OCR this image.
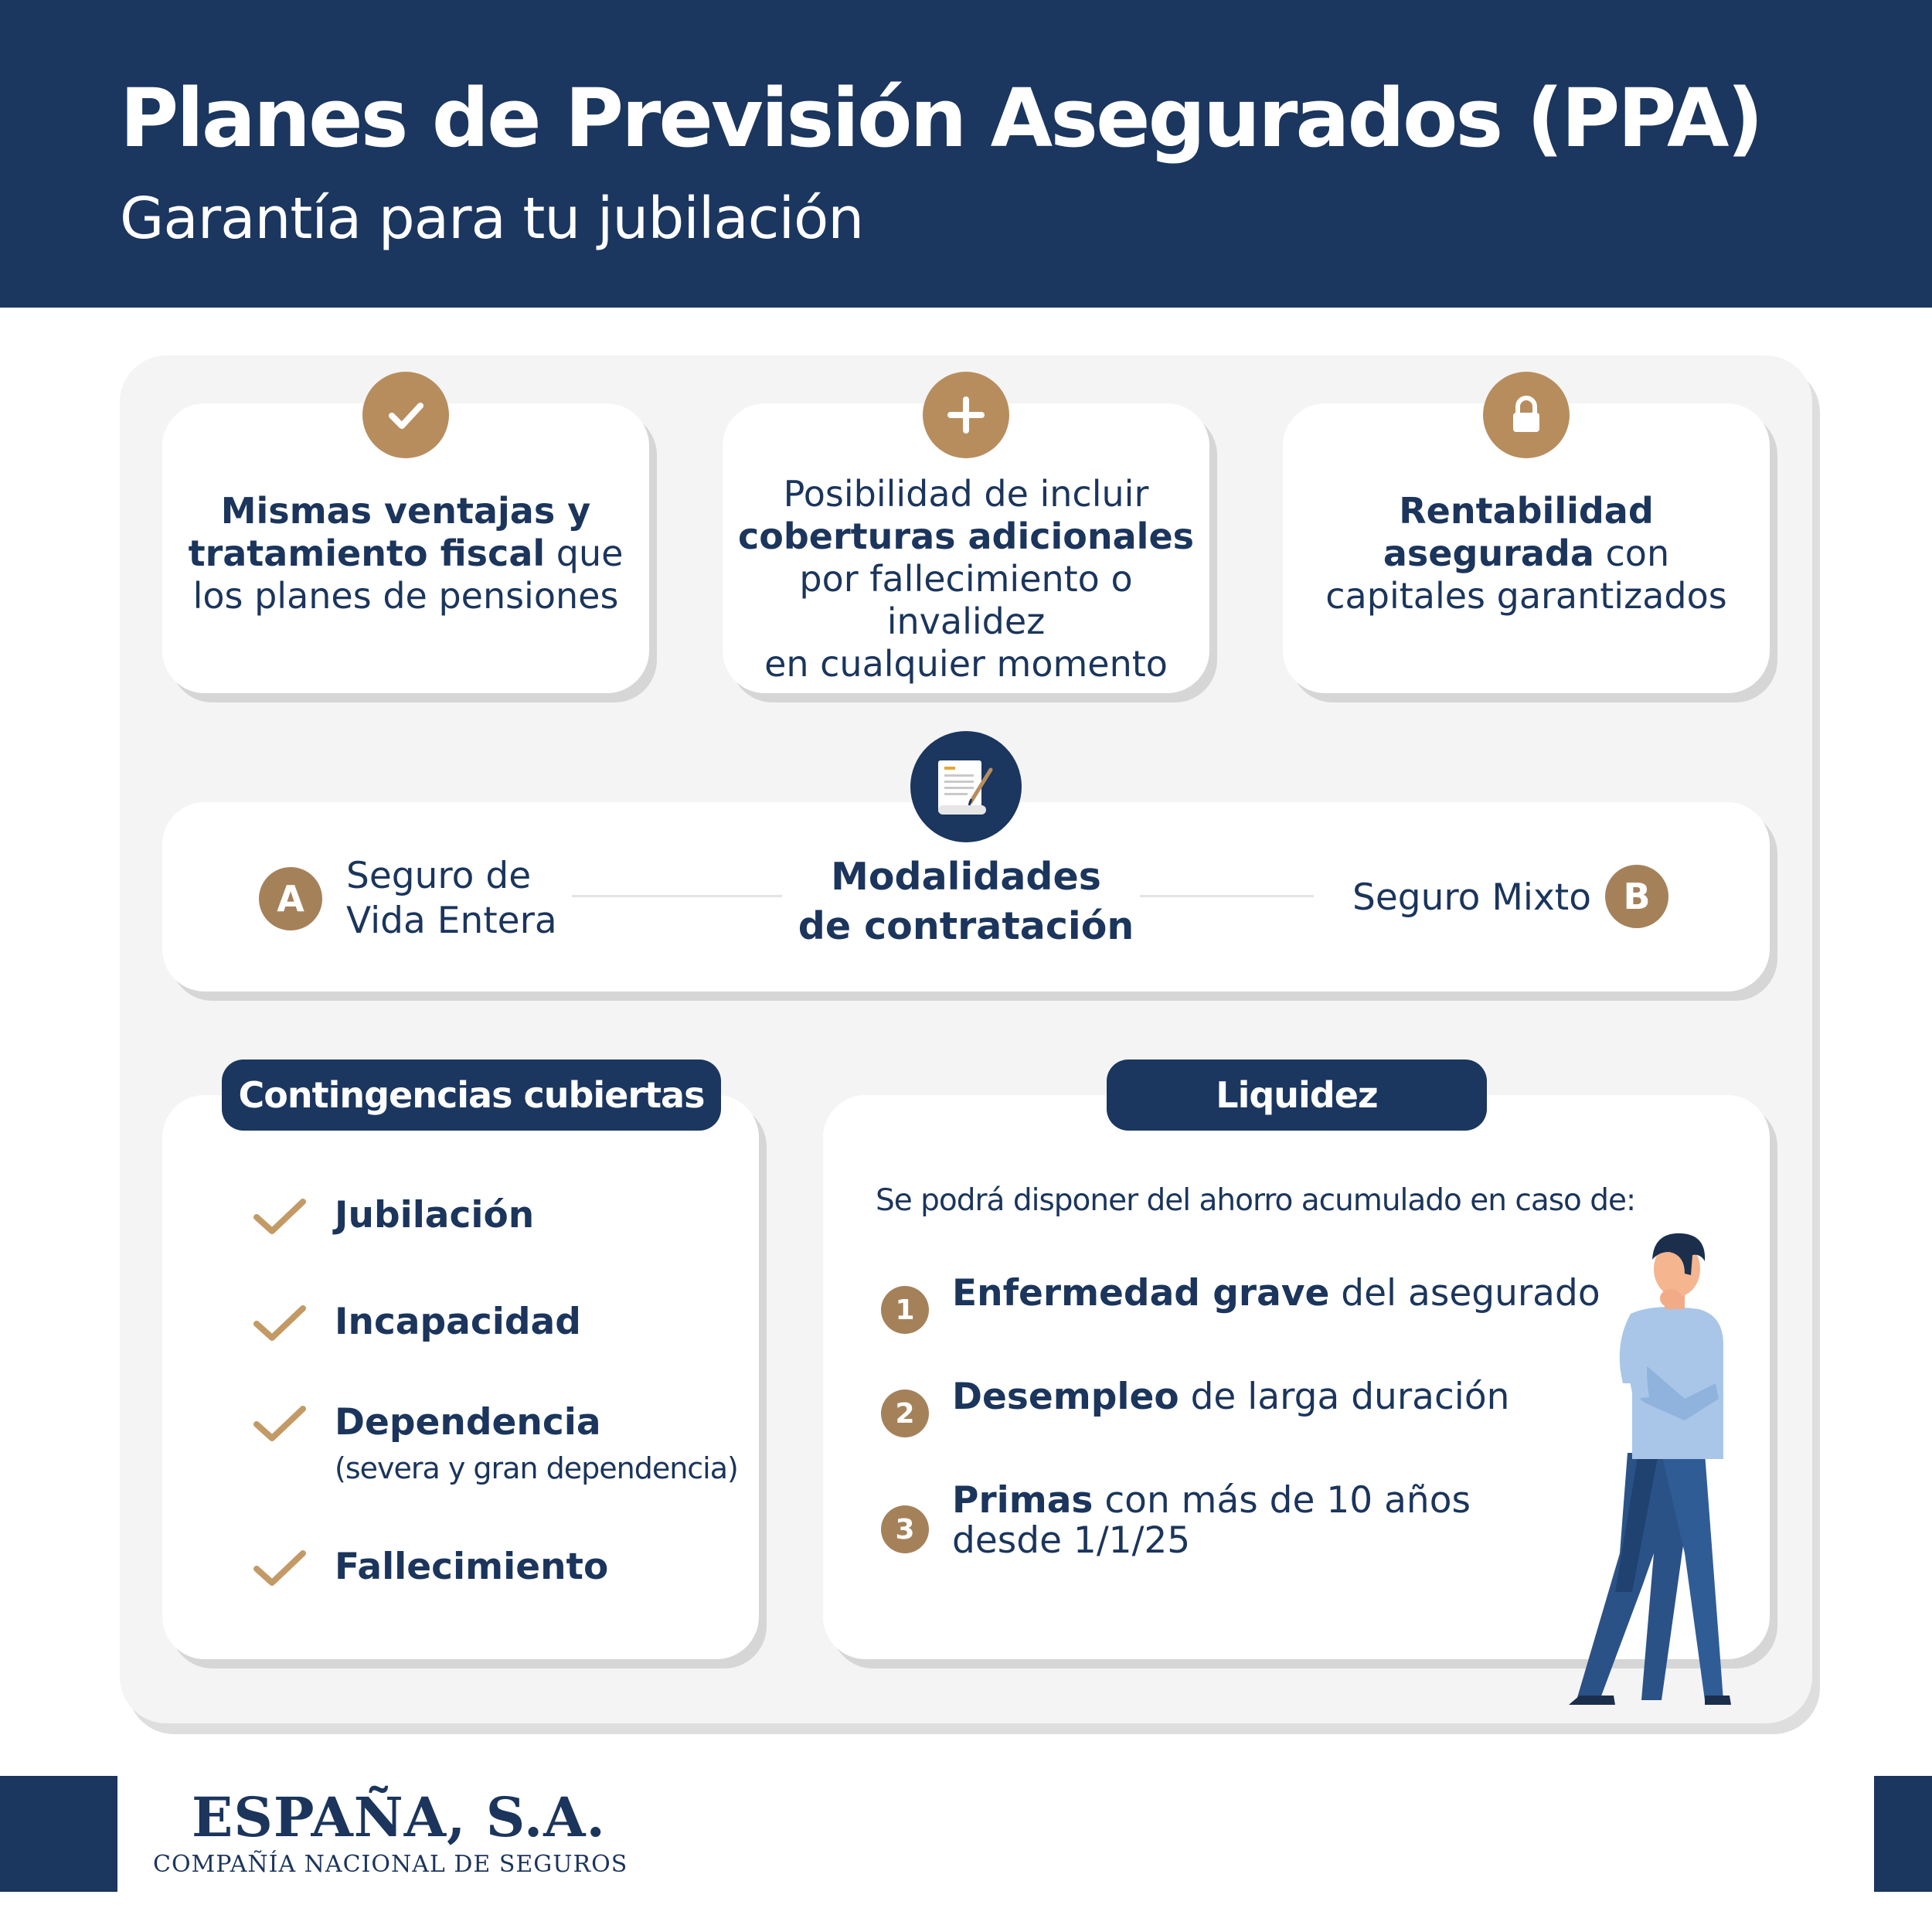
Planes de Previsión Asegurados (PPA)
Garantía para tu jubilación
Mismas ventajas y
tratamiento fiscal que
los planes de pensiones
Posibilidad de incluir
coberturas adicionales
por fallecimiento o invalidez
en cualquier momento
Rentabilidad
asegurada con
capitales garantizados
A
Seguro de
Vida Entera
Modalidades
de contratación
Seguro Mixto B
Contingencias cubiertas
Jubilación
Incapacidad
Dependencia
(severa y gran dependencia)
Fallecimiento
Liquidez
Se podrá disponer del ahorro acumulado en caso de:
1	Enfermedad grave del asegurado
2	Desempleo de larga duración
3
Primas con más de 10 años
desde 1/1/25
ESPAÑA, S.A.
COMPAÑÍA NACIONAL DE SEGUROS
